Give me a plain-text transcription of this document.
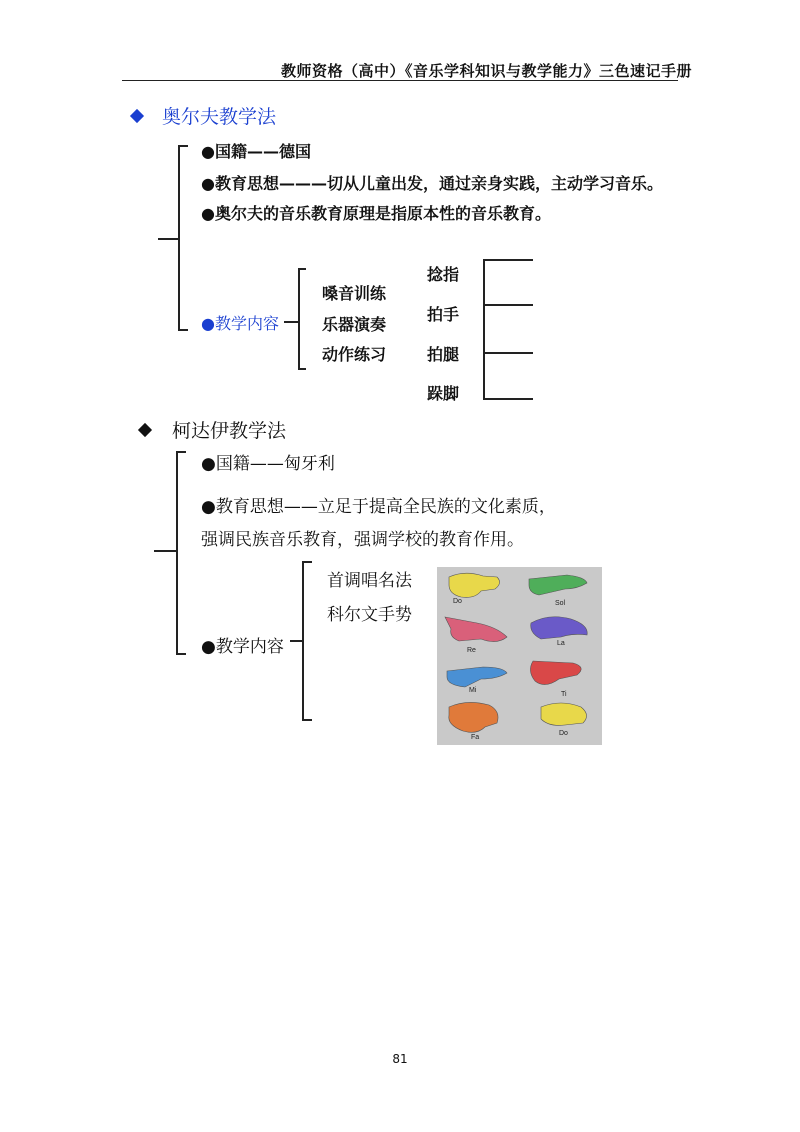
教师资格（高中）《音乐学科知识与教学能力》三色速记手册
奥尔夫教学法
●国籍——德国
●教育思想———切从儿童出发，通过亲身实践，主动学习音乐。
●奥尔夫的音乐教育原理是指原本性的音乐教育。
●教学内容
嗓音训练
乐器演奏
动作练习
捻指
拍手
拍腿
跺脚
柯达伊教学法
●国籍——匈牙利
●教育思想——立足于提高全民族的文化素质，
强调民族音乐教育，强调学校的教育作用。
●教学内容
首调唱名法
科尔文手势
Do	Sol
Re
La
Mi
Ti
Fa
Do
81
